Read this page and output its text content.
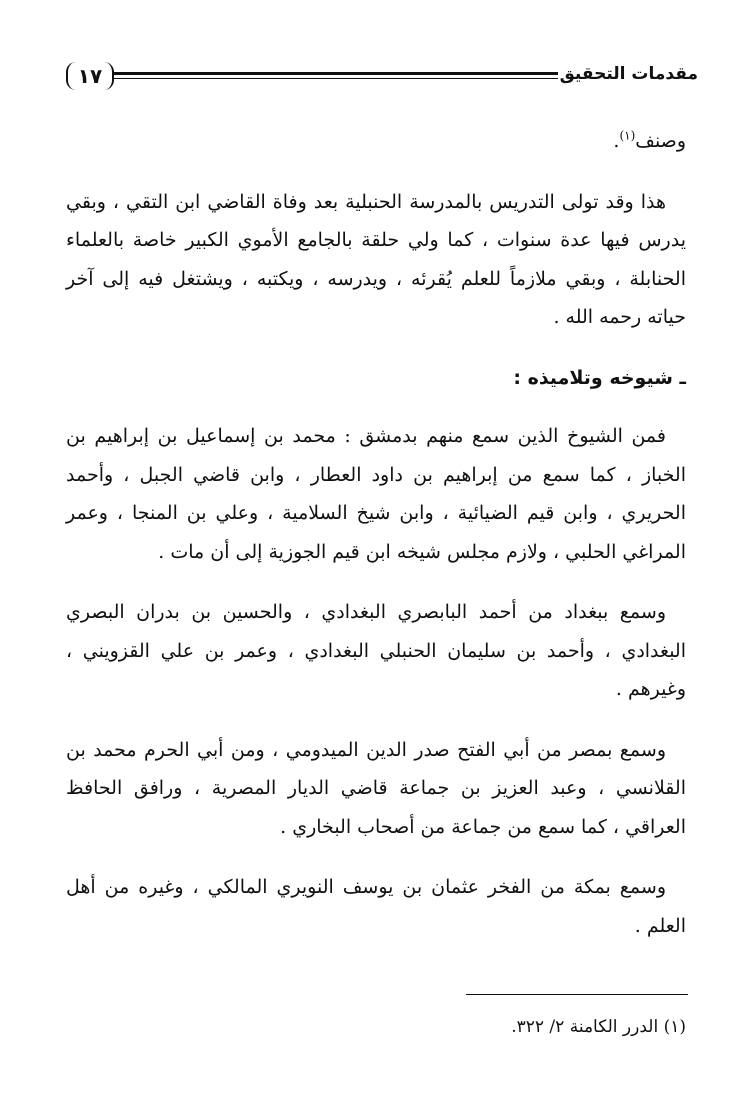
١٧	مقدمات التحقيق

وصنف$^{(١)}$.

هذا وقد تولى التدريس بالمدرسة الحنبلية بعد وفاة القاضي ابن التقي ، وبقي يدرس فيها عدة سنوات ، كما ولي حلقة بالجامع الأموي الكبير خاصة بالعلماء الحنابلة ، وبقي ملازماً للعلم يُقرئه ، ويدرسه ، ويكتبه ، ويشتغل فيه إلى آخر حياته رحمه الله .

ـ شيوخه وتلاميذه :

فمن الشيوخ الذين سمع منهم بدمشق : محمد بن إسماعيل بن إبراهيم بن الخباز ، كما سمع من إبراهيم بن داود العطار ، وابن قاضي الجبل ، وأحمد الحريري ، وابن قيم الضيائية ، وابن شيخ السلامية ، وعلي بن المنجا ، وعمر المراغي الحلبي ، ولازم مجلس شيخه ابن قيم الجوزية إلى أن مات .

وسمع ببغداد من أحمد البابصري البغدادي ، والحسين بن بدران البصري البغدادي ، وأحمد بن سليمان الحنبلي البغدادي ، وعمر بن علي القزويني ، وغيرهم .

وسمع بمصر من أبي الفتح صدر الدين الميدومي ، ومن أبي الحرم محمد بن القلانسي ، وعبد العزيز بن جماعة قاضي الديار المصرية ، ورافق الحافظ العراقي ، كما سمع من جماعة من أصحاب البخاري .

وسمع بمكة من الفخر عثمان بن يوسف النويري المالكي ، وغيره من أهل العلم .

(١) الدرر الكامنة ٢/ ٣٢٢.
